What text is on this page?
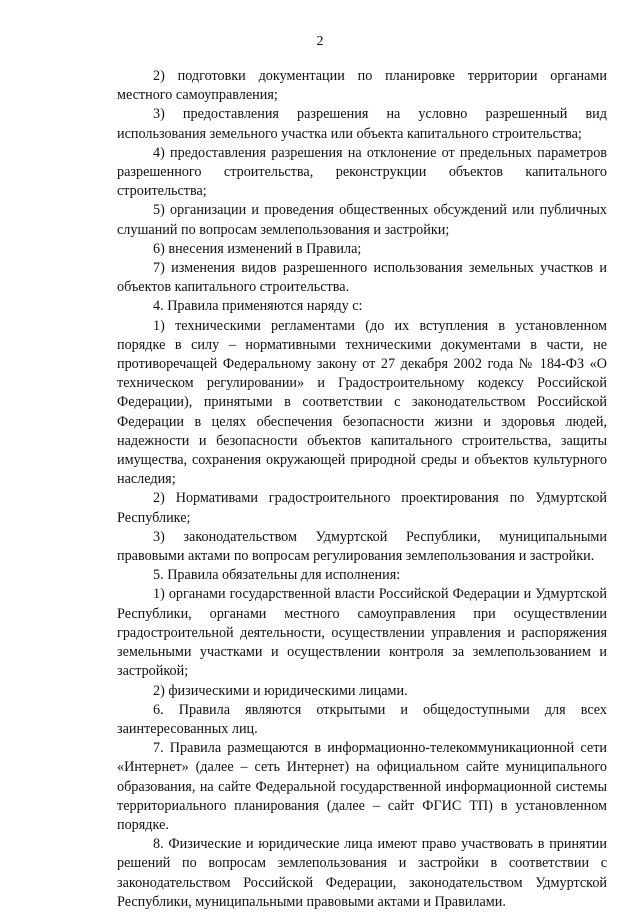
2

2) подготовки документации по планировке территории органами местного самоуправления;

3) предоставления разрешения на условно разрешенный вид использования земельного участка или объекта капитального строительства;

4) предоставления разрешения на отклонение от предельных параметров разрешенного строительства, реконструкции объектов капитального строительства;

5) организации и проведения общественных обсуждений или публичных слушаний по вопросам землепользования и застройки;

6) внесения изменений в Правила;

7) изменения видов разрешенного использования земельных участков и объектов капитального строительства.

4. Правила применяются наряду с:

1) техническими регламентами (до их вступления в установленном порядке в силу – нормативными техническими документами в части, не противоречащей Федеральному закону от 27 декабря 2002 года № 184-ФЗ «О техническом регулировании» и Градостроительному кодексу Российской Федерации), принятыми в соответствии с законодательством Российской Федерации в целях обеспечения безопасности жизни и здоровья людей, надежности и безопасности объектов капитального строительства, защиты имущества, сохранения окружающей природной среды и объектов культурного наследия;

2) Нормативами градостроительного проектирования по Удмуртской Республике;

3) законодательством Удмуртской Республики, муниципальными правовыми актами по вопросам регулирования землепользования и застройки.

5. Правила обязательны для исполнения:

1) органами государственной власти Российской Федерации и Удмуртской Республики, органами местного самоуправления при осуществлении градостроительной деятельности, осуществлении управления и распоряжения земельными участками и осуществлении контроля за землепользованием и застройкой;

2) физическими и юридическими лицами.

6. Правила являются открытыми и общедоступными для всех заинтересованных лиц.

7. Правила размещаются в информационно-телекоммуникационной сети «Интернет» (далее – сеть Интернет) на официальном сайте муниципального образования, на сайте Федеральной государственной информационной системы территориального планирования (далее – сайт ФГИС ТП) в установленном порядке.

8. Физические и юридические лица имеют право участвовать в принятии решений по вопросам землепользования и застройки в соответствии с законодательством Российской Федерации, законодательством Удмуртской Республики, муниципальными правовыми актами и Правилами.
